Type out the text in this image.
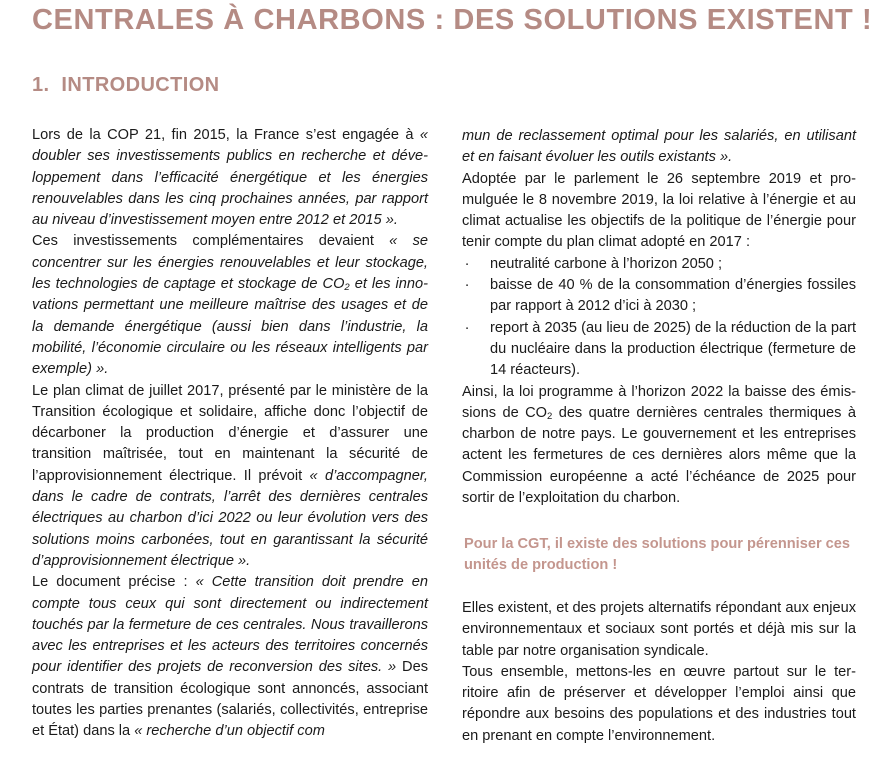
CENTRALES À CHARBONS : DES SOLUTIONS EXISTENT !
1. INTRODUCTION

Lors de la COP 21, fin 2015, la France s’est engagée à « doubler ses investissements publics en recherche et développement dans l’efficacité énergétique et les énergies renouvelables dans les cinq prochaines années, par rapport au niveau d’investissement moyen entre 2012 et 2015 ».

Ces investissements complémentaires devaient « se concentrer sur les énergies renouvelables et leur stockage, les technologies de captage et stockage de $CO_2$ et les innovations permettant une meilleure maîtrise des usages et de la demande énergétique (aussi bien dans l’industrie, la mobilité, l’économie circulaire ou les réseaux intelligents par exemple) ».

Le plan climat de juillet 2017, présenté par le ministère de la Transition écologique et solidaire, affiche donc l’objectif de décarboner la production d’énergie et d’assurer une transition maîtrisée, tout en maintenant la sécurité de l’approvisionnement électrique. Il prévoit « d’accompagner, dans le cadre de contrats, l’arrêt des dernières centrales électriques au charbon d’ici 2022 ou leur évolution vers des solutions moins carbonées, tout en garantissant la sécurité d’approvisionnement électrique ».

Le document précise : « Cette transition doit prendre en compte tous ceux qui sont directement ou indirectement touchés par la fermeture de ces centrales. Nous travaillerons avec les entreprises et les acteurs des territoires concernés pour identifier des projets de reconversion des sites. » Des contrats de transition écologique sont annoncés, associant toutes les parties prenantes (salariés, collectivités, entreprise et État) dans la « recherche d’un objectif com

mun de reclassement optimal pour les salariés, en utilisant et en faisant évoluer les outils existants ».

Adoptée par le parlement le 26 septembre 2019 et promulguée le 8 novembre 2019, la loi relative à l’énergie et au climat actualise les objectifs de la politique de l’énergie pour tenir compte du plan climat adopté en 2017 :

· neutralité carbone à l’horizon 2050 ;
· baisse de 40 % de la consommation d’énergies fossiles par rapport à 2012 d’ici à 2030 ;
· report à 2035 (au lieu de 2025) de la réduction de la part du nucléaire dans la production électrique (fermeture de 14 réacteurs).

Ainsi, la loi programme à l’horizon 2022 la baisse des émissions de $CO_2$ des quatre dernières centrales thermiques à charbon de notre pays. Le gouvernement et les entreprises actent les fermetures de ces dernières alors même que la Commission européenne a acté l’échéance de 2025 pour sortir de l’exploitation du charbon.

Pour la CGT, il existe des solutions pour pérenniser ces unités de production !

Elles existent, et des projets alternatifs répondant aux enjeux environnementaux et sociaux sont portés et déjà mis sur la table par notre organisation syndicale.

Tous ensemble, mettons-les en œuvre partout sur le territoire afin de préserver et développer l’emploi ainsi que répondre aux besoins des populations et des industries tout en prenant en compte l’environnement.
